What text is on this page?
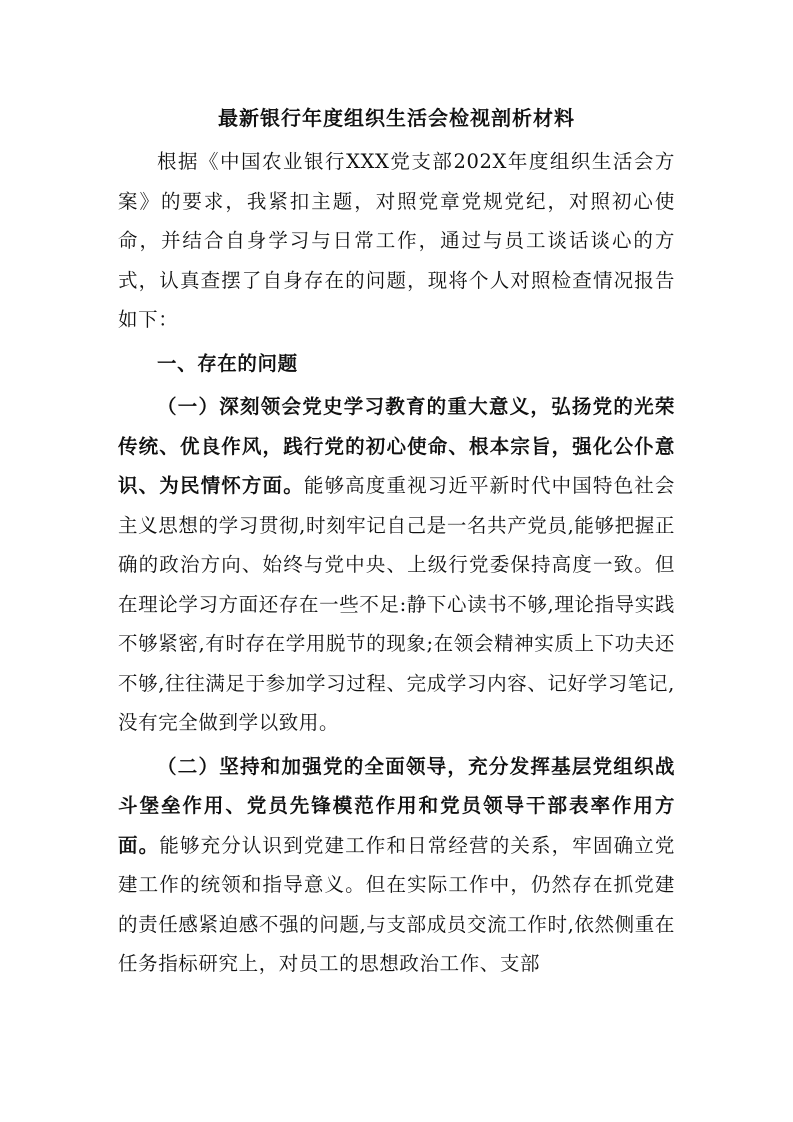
最新银行年度组织生活会检视剖析材料

根据《中国农业银行XXX党支部202X年度组织生活会方案》的要求，我紧扣主题，对照党章党规党纪，对照初心使命，并结合自身学习与日常工作，通过与员工谈话谈心的方式，认真查摆了自身存在的问题，现将个人对照检查情况报告如下：

一、存在的问题

（一）深刻领会党史学习教育的重大意义，弘扬党的光荣传统、优良作风，践行党的初心使命、根本宗旨，强化公仆意识、为民情怀方面。能够高度重视习近平新时代中国特色社会主义思想的学习贯彻,时刻牢记自己是一名共产党员,能够把握正确的政治方向、始终与党中央、上级行党委保持高度一致。但在理论学习方面还存在一些不足:静下心读书不够,理论指导实践不够紧密,有时存在学用脱节的现象;在领会精神实质上下功夫还不够,往往满足于参加学习过程、完成学习内容、记好学习笔记,没有完全做到学以致用。

（二）坚持和加强党的全面领导，充分发挥基层党组织战斗堡垒作用、党员先锋模范作用和党员领导干部表率作用方面。能够充分认识到党建工作和日常经营的关系，牢固确立党建工作的统领和指导意义。但在实际工作中，仍然存在抓党建的责任感紧迫感不强的问题,与支部成员交流工作时,依然侧重在任务指标研究上，对员工的思想政治工作、支部
